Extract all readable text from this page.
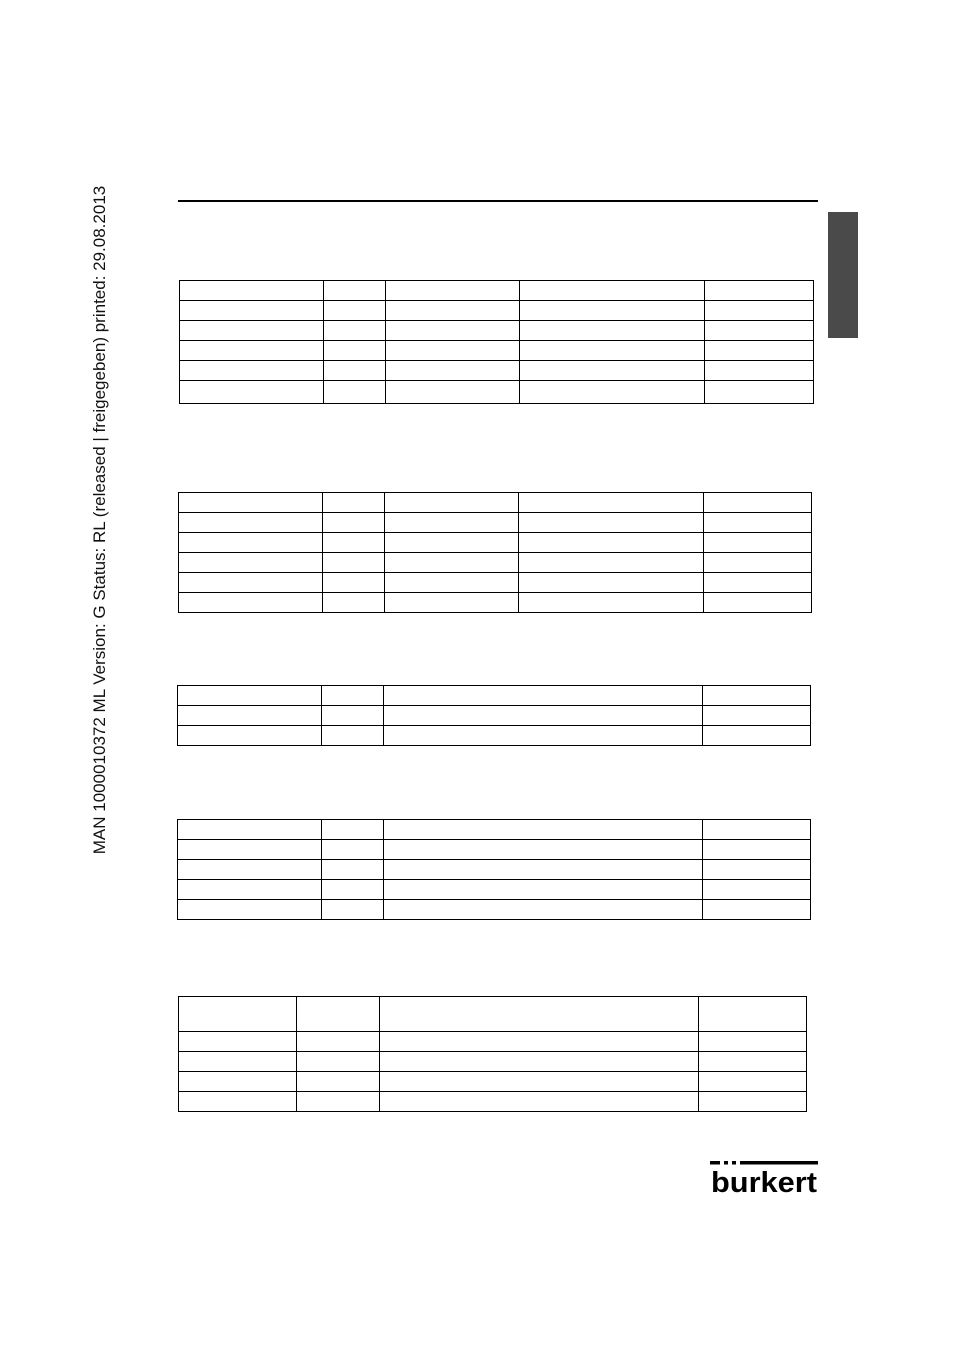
MAN 1000010372 ML Version: G Status: RL (released | freigegeben) printed: 29.08.2013

burkert
